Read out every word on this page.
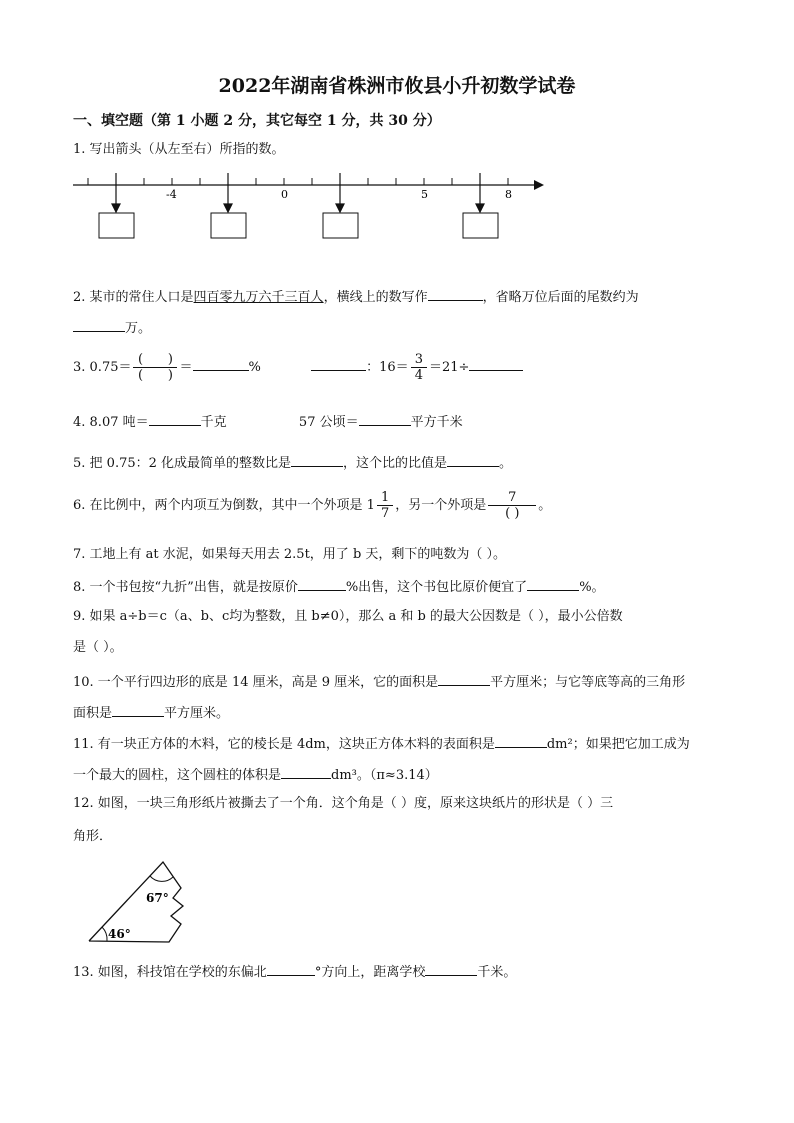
2022年湖南省株洲市攸县小升初数学试卷
一、填空题（第 1 小题 2 分，其它每空 1 分，共 30 分）
1. 写出箭头（从左至右）所指的数。
-4	0	5	8
2. 某市的常住人口是四百零九万六千三百人，横线上的数写作	，省略万位后面的尾数约为
万。
3. $0.75= \frac{( )}{( )}$ ＝	%	：$16= \frac{3}{4} =21\div$
4. 8.07 吨＝	千克	57 公顷＝	平方千米
5. 把 0.75：2 化成最简单的整数比是	，这个比的比值是	。
6. 在比例中，两个内项互为倒数，其中一个外项是 $1 \frac{1}{7}$ ，另一个外项是 $\frac{7}{( )}$ 。
7. 工地上有 at 水泥，如果每天用去 2.5t，用了 b 天，剩下的吨数为（ ）。
8. 一个书包按“九折”出售，就是按原价	%出售，这个书包比原价便宜了	%。
9. 如果 a÷b＝c（a、b、c均为整数，且 b≠0），那么 a 和 b 的最大公因数是（ ），最小公倍数
是（ ）。
10. 一个平行四边形的底是 14 厘米，高是 9 厘米，它的面积是	平方厘米；与它等底等高的三角形
面积是	平方厘米。
11. 有一块正方体的木料，它的棱长是 4dm，这块正方体木料的表面积是	dm²；如果把它加工成为
一个最大的圆柱，这个圆柱的体积是	dm³。（π≈3.14）
12. 如图，一块三角形纸片被撕去了一个角．这个角是（ ）度，原来这块纸片的形状是（ ）三
角形．
67°
46°
13. 如图，科技馆在学校的东偏北	°方向上，距离学校	千米。
